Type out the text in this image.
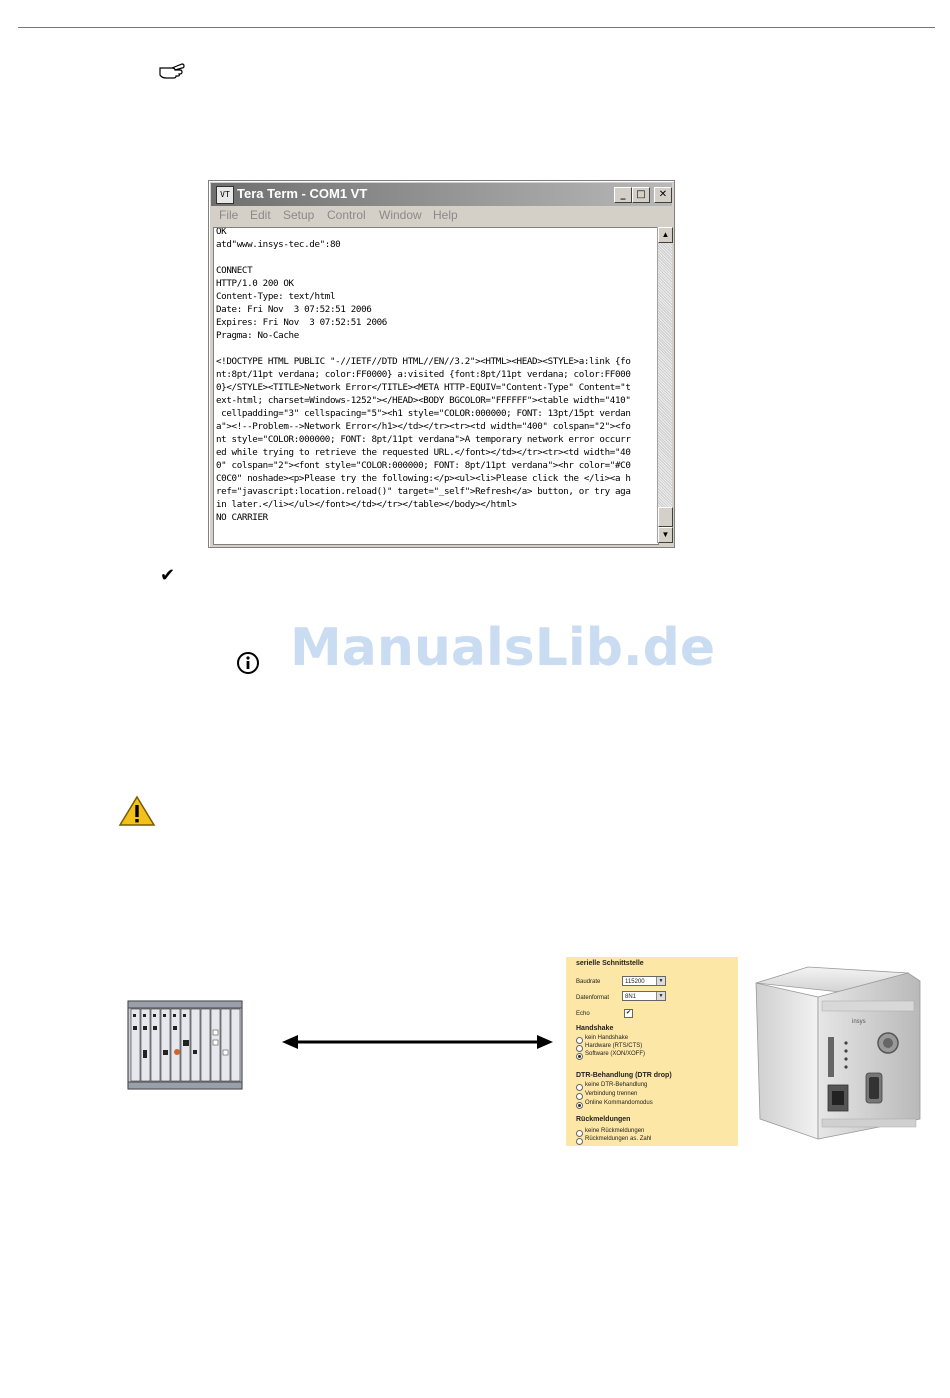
VT Tera Term - COM1 VT	_	□	✕
File Edit Setup Control Window Help
OK
atd"www.insys-tec.de":80
CONNECT
HTTP/1.0 200 OK
Content-Type: text/html
Date: Fri Nov  3 07:52:51 2006
Expires: Fri Nov  3 07:52:51 2006
Pragma: No-Cache
<!DOCTYPE HTML PUBLIC "-//IETF//DTD HTML//EN//3.2"><HTML><HEAD><STYLE>a:link {fo
nt:8pt/11pt verdana; color:FF0000} a:visited {font:8pt/11pt verdana; color:FF000
0}</STYLE><TITLE>Network Error</TITLE><META HTTP-EQUIV="Content-Type" Content="t
ext-html; charset=Windows-1252"></HEAD><BODY BGCOLOR="FFFFFF"><table width="410"
cellpadding="3" cellspacing="5"><h1 style="COLOR:000000; FONT: 13pt/15pt verdan
a"><!--Problem-->Network Error</h1></td></tr><tr><td width="400" colspan="2"><fo
nt style="COLOR:000000; FONT: 8pt/11pt verdana">A temporary network error occurr
ed while trying to retrieve the requested URL.</font></td></tr><tr><td width="40
0" colspan="2"><font style="COLOR:000000; FONT: 8pt/11pt verdana"><hr color="#C0
C0C0" noshade><p>Please try the following:</p><ul><li>Please click the </li><a h
ref="javascript:location.reload()" target="_self">Refresh</a> button, or try aga
in later.</li></ul></font></td></tr></table></body></html>
NO CARRIER
▲
▼
✔
ManualsLib.de
serielle Schnittstelle
Baudrate	115200	▼
Datenformat	8N1	▼
Echo	✔
Handshake
kein Handshake
Hardware (RTS/CTS)
Software (XON/XOFF)
DTR-Behandlung (DTR drop)
keine DTR-Behandlung
Verbindung trennen
Online Kommandomodus
Rückmeldungen
keine Rückmeldungen
Rückmeldungen as. Zahl
insys
